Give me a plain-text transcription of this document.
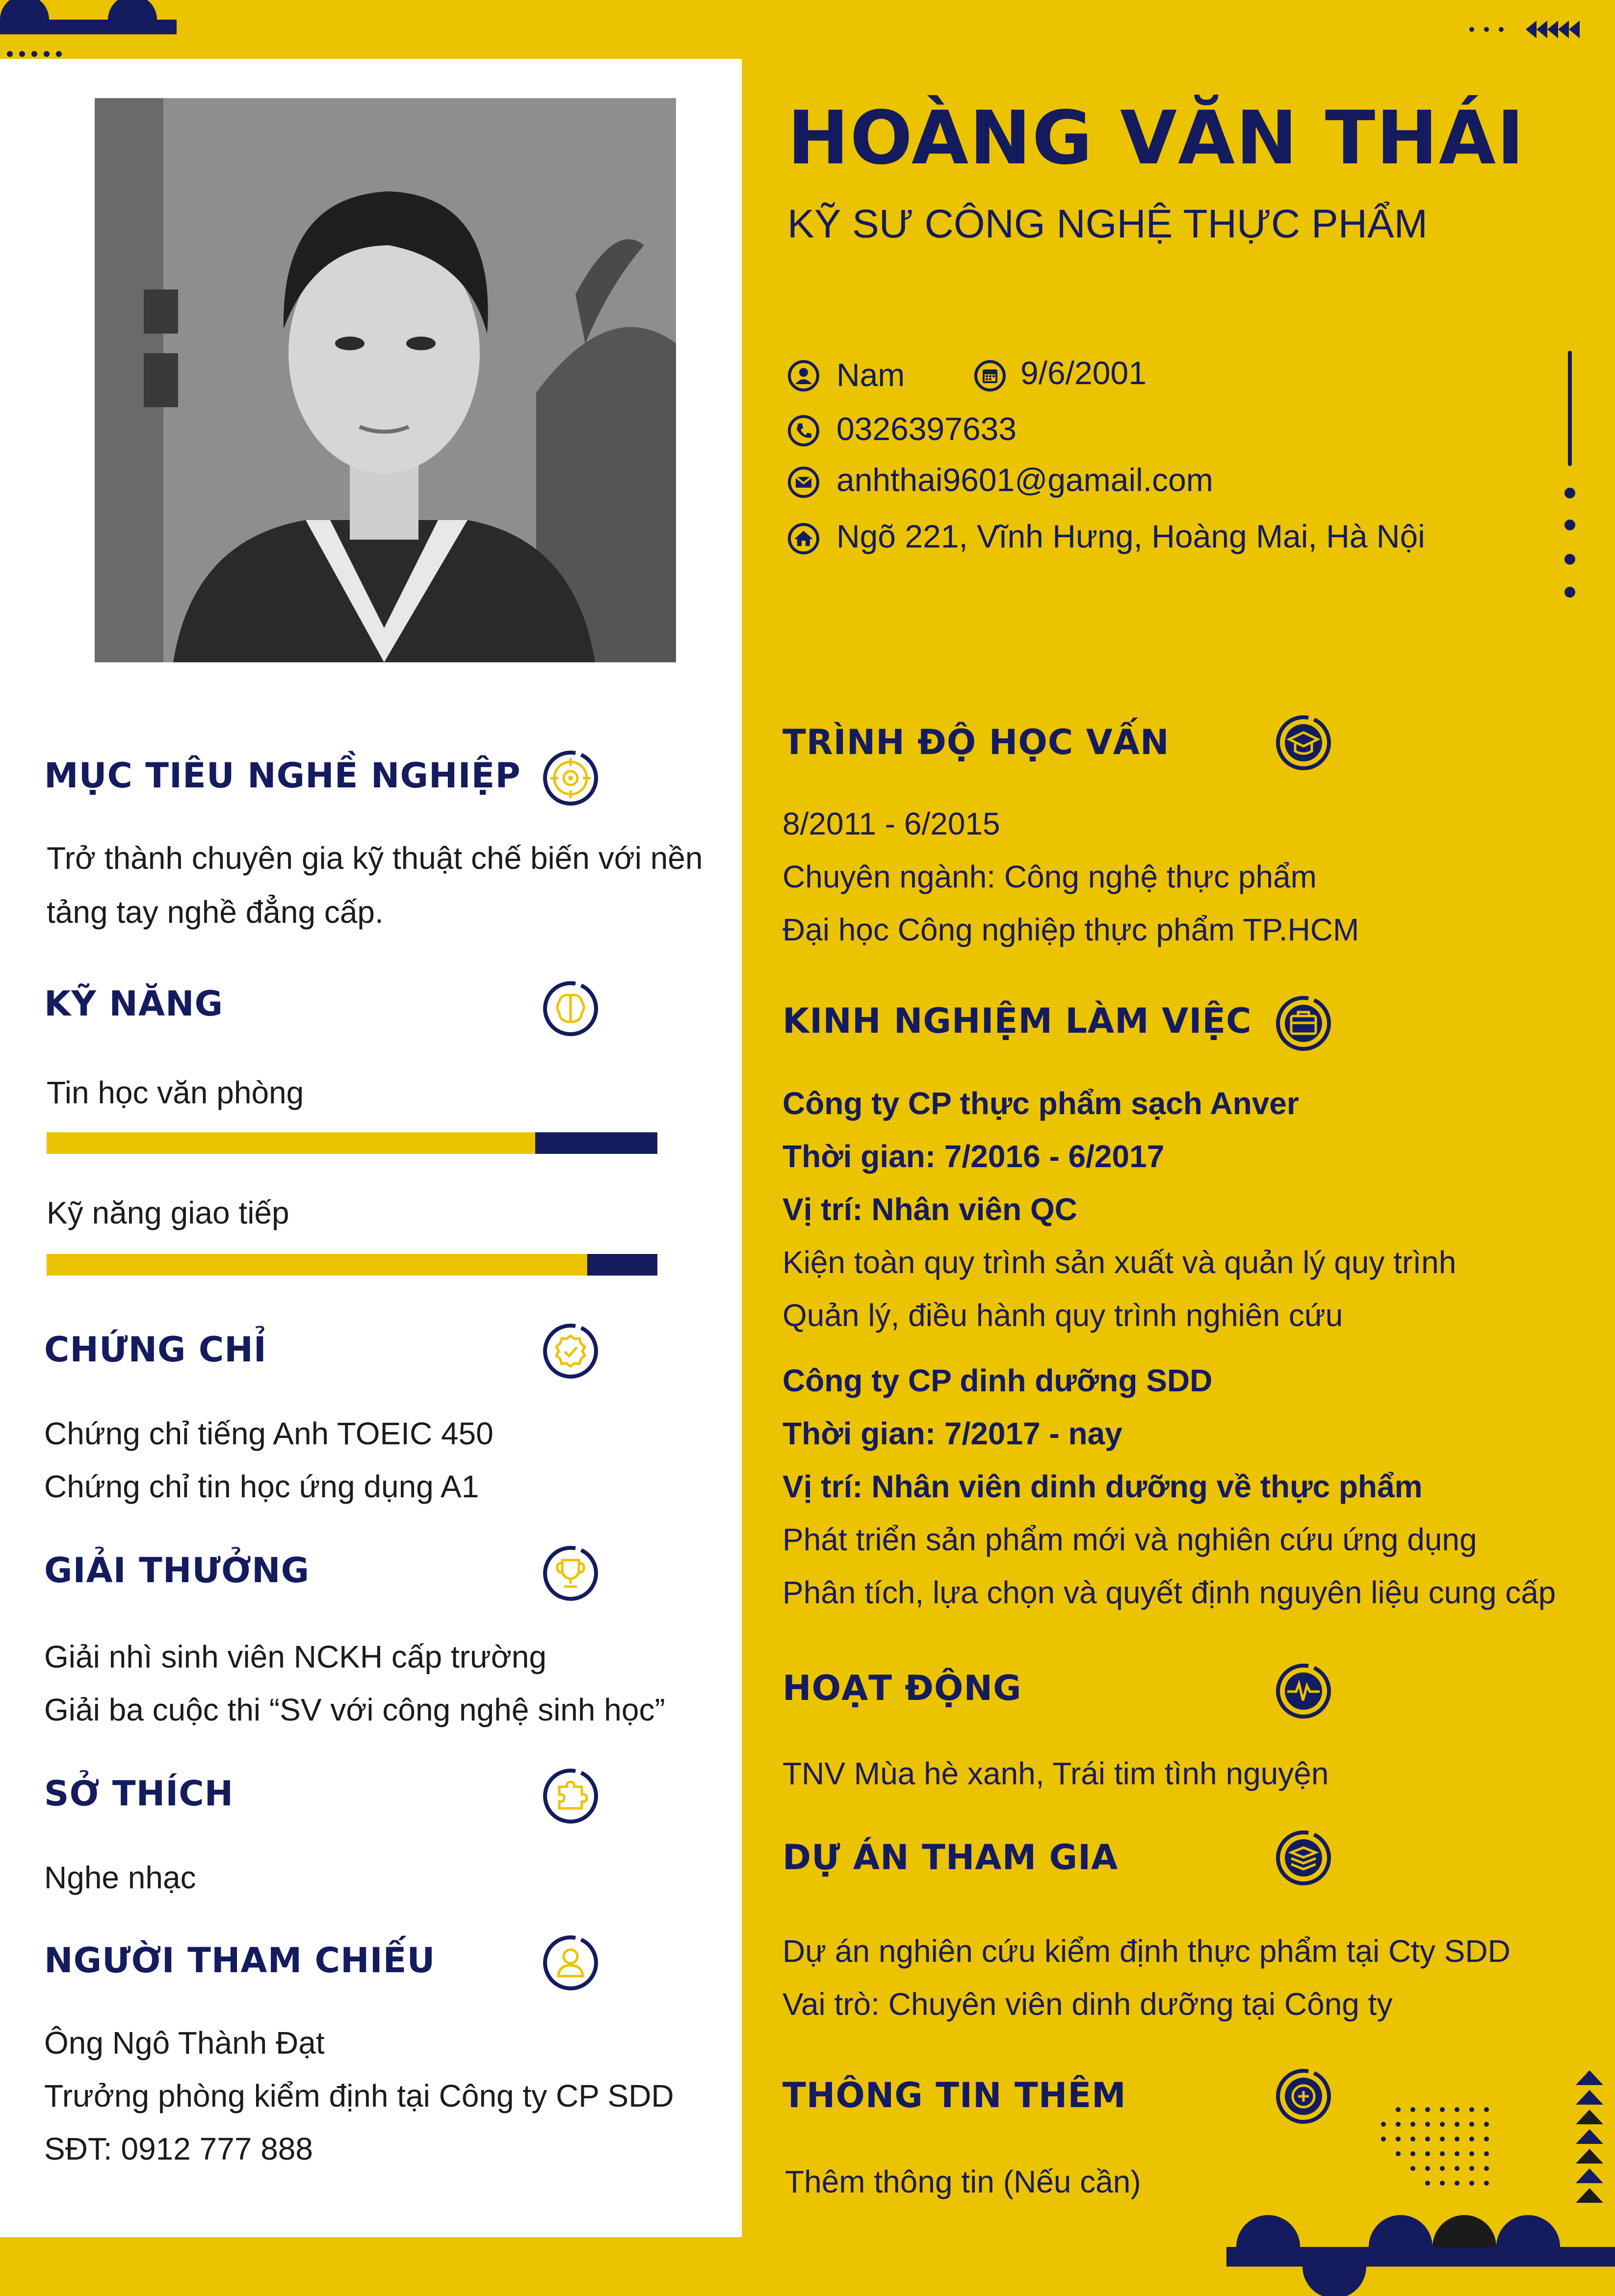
HOÀNG VĂN THÁI
KỸ SƯ CÔNG NGHỆ THỰC PHẨM
Nam	9/6/2001
0326397633
anhthai9601@gamail.com
Ngõ 221, Vĩnh Hưng, Hoàng Mai, Hà Nội
MỤC TIÊU NGHỀ NGHIỆP
Trở thành chuyên gia kỹ thuật chế biến với nền
tảng tay nghề đẳng cấp.
KỸ NĂNG
Tin học văn phòng
Kỹ năng giao tiếp
CHỨNG CHỈ
Chứng chỉ tiếng Anh TOEIC 450
Chứng chỉ tin học ứng dụng A1
GIẢI THƯỞNG
Giải nhì sinh viên NCKH cấp trường
Giải ba cuộc thi “SV với công nghệ sinh học”
SỞ THÍCH
Nghe nhạc
NGƯỜI THAM CHIẾU
Ông Ngô Thành Đạt
Trưởng phòng kiểm định tại Công ty CP SDD
SĐT: 0912 777 888
TRÌNH ĐỘ HỌC VẤN
8/2011 - 6/2015
Chuyên ngành: Công nghệ thực phẩm
Đại học Công nghiệp thực phẩm TP.HCM
KINH NGHIỆM LÀM VIỆC
Công ty CP thực phẩm sạch Anver
Thời gian: 7/2016 - 6/2017
Vị trí: Nhân viên QC
Kiện toàn quy trình sản xuất và quản lý quy trình
Quản lý, điều hành quy trình nghiên cứu
Công ty CP dinh dưỡng SDD
Thời gian: 7/2017 - nay
Vị trí: Nhân viên dinh dưỡng về thực phẩm
Phát triển sản phẩm mới và nghiên cứu ứng dụng
Phân tích, lựa chọn và quyết định nguyên liệu cung cấp
HOẠT ĐỘNG
TNV Mùa hè xanh, Trái tim tình nguyện
DỰ ÁN THAM GIA
Dự án nghiên cứu kiểm định thực phẩm tại Cty SDD
Vai trò: Chuyên viên dinh dưỡng tại Công ty
THÔNG TIN THÊM
Thêm thông tin (Nếu cần)
